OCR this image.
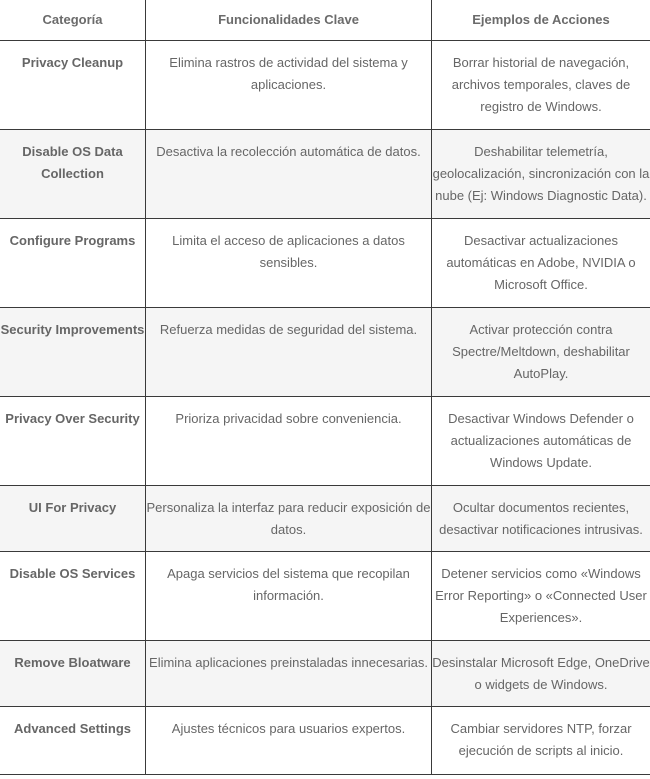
Categoría	Funcionalidades Clave	Ejemplos de Acciones

Privacy Cleanup	Elimina rastros de actividad del sistema y aplicaciones.	Borrar historial de navegación, archivos temporales, claves de registro de Windows.

Disable OS Data Collection	Desactiva la recolección automática de datos.	Deshabilitar telemetría, geolocalización, sincronización con la nube (Ej: Windows Diagnostic Data).

Configure Programs	Limita el acceso de aplicaciones a datos sensibles.	Desactivar actualizaciones automáticas en Adobe, NVIDIA o Microsoft Office.

Security Improvements	Refuerza medidas de seguridad del sistema.	Activar protección contra Spectre/Meltdown, deshabilitar AutoPlay.

Privacy Over Security	Prioriza privacidad sobre conveniencia.	Desactivar Windows Defender o actualizaciones automáticas de Windows Update.

UI For Privacy	Personaliza la interfaz para reducir exposición de datos.	Ocultar documentos recientes, desactivar notificaciones intrusivas.

Disable OS Services	Apaga servicios del sistema que recopilan información.	Detener servicios como «Windows Error Reporting» o «Connected User Experiences».

Remove Bloatware	Elimina aplicaciones preinstaladas innecesarias.	Desinstalar Microsoft Edge, OneDrive o widgets de Windows.

Advanced Settings	Ajustes técnicos para usuarios expertos.	Cambiar servidores NTP, forzar ejecución de scripts al inicio.
